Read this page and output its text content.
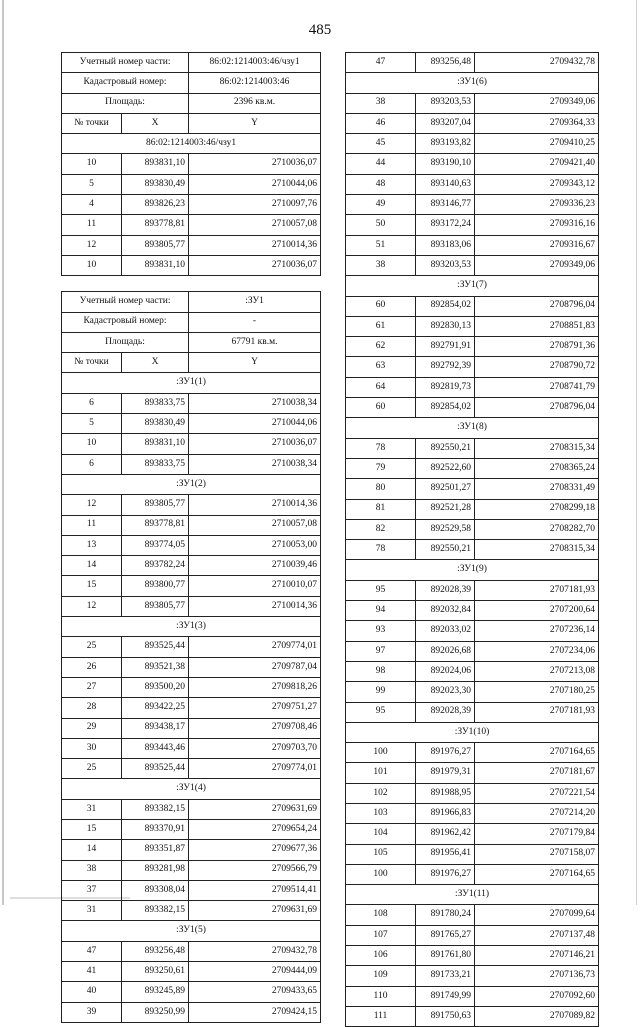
485
Учетный номер части:		86:02:1214003:46/чзу1
Кадастровый номер:		86:02:1214003:46
Площадь:		2396 кв.м.
№ точки	X	Y
86:02:1214003:46/чзу1		
10	893831,10	2710036,07
5	893830,49	2710044,06
4	893826,23	2710097,76
11	893778,81	2710057,08
12	893805,77	2710014,36
10	893831,10	2710036,07

Учетный номер части:		:ЗУ1
Кадастровый номер:		-
Площадь:		67791 кв.м.
№ точки	X	Y
:ЗУ1(1)		
6	893833,75	2710038,34
5	893830,49	2710044,06
10	893831,10	2710036,07
6	893833,75	2710038,34
:ЗУ1(2)		
12	893805,77	2710014,36
11	893778,81	2710057,08
13	893774,05	2710053,00
14	893782,24	2710039,46
15	893800,77	2710010,07
12	893805,77	2710014,36
:ЗУ1(3)		
25	893525,44	2709774,01
26	893521,38	2709787,04
27	893500,20	2709818,26
28	893422,25	2709751,27
29	893438,17	2709708,46
30	893443,46	2709703,70
25	893525,44	2709774,01
:ЗУ1(4)		
31	893382,15	2709631,69
15	893370,91	2709654,24
14	893351,87	2709677,36
38	893281,98	2709566,79
37	893308,04	2709514,41
31	893382,15	2709631,69
:ЗУ1(5)		
47	893256,48	2709432,78
41	893250,61	2709444,09
40	893245,89	2709433,65
39	893250,99	2709424,15
47	893256,48	2709432,78
:ЗУ1(6)		
38	893203,53	2709349,06
46	893207,04	2709364,33
45	893193,82	2709410,25
44	893190,10	2709421,40
48	893140,63	2709343,12
49	893146,77	2709336,23
50	893172,24	2709316,16
51	893183,06	2709316,67
38	893203,53	2709349,06
:ЗУ1(7)		
60	892854,02	2708796,04
61	892830,13	2708851,83
62	892791,91	2708791,36
63	892792,39	2708790,72
64	892819,73	2708741,79
60	892854,02	2708796,04
:ЗУ1(8)		
78	892550,21	2708315,34
79	892522,60	2708365,24
80	892501,27	2708331,49
81	892521,28	2708299,18
82	892529,58	2708282,70
78	892550,21	2708315,34
:ЗУ1(9)		
95	892028,39	2707181,93
94	892032,84	2707200,64
93	892033,02	2707236,14
97	892026,68	2707234,06
98	892024,06	2707213,08
99	892023,30	2707180,25
95	892028,39	2707181,93
:ЗУ1(10)		
100	891976,27	2707164,65
101	891979,31	2707181,67
102	891988,95	2707221,54
103	891966,83	2707214,20
104	891962,42	2707179,84
105	891956,41	2707158,07
100	891976,27	2707164,65
:ЗУ1(11)		
108	891780,24	2707099,64
107	891765,27	2707137,48
106	891761,80	2707146,21
109	891733,21	2707136,73
110	891749,99	2707092,60
111	891750,63	2707089,82
